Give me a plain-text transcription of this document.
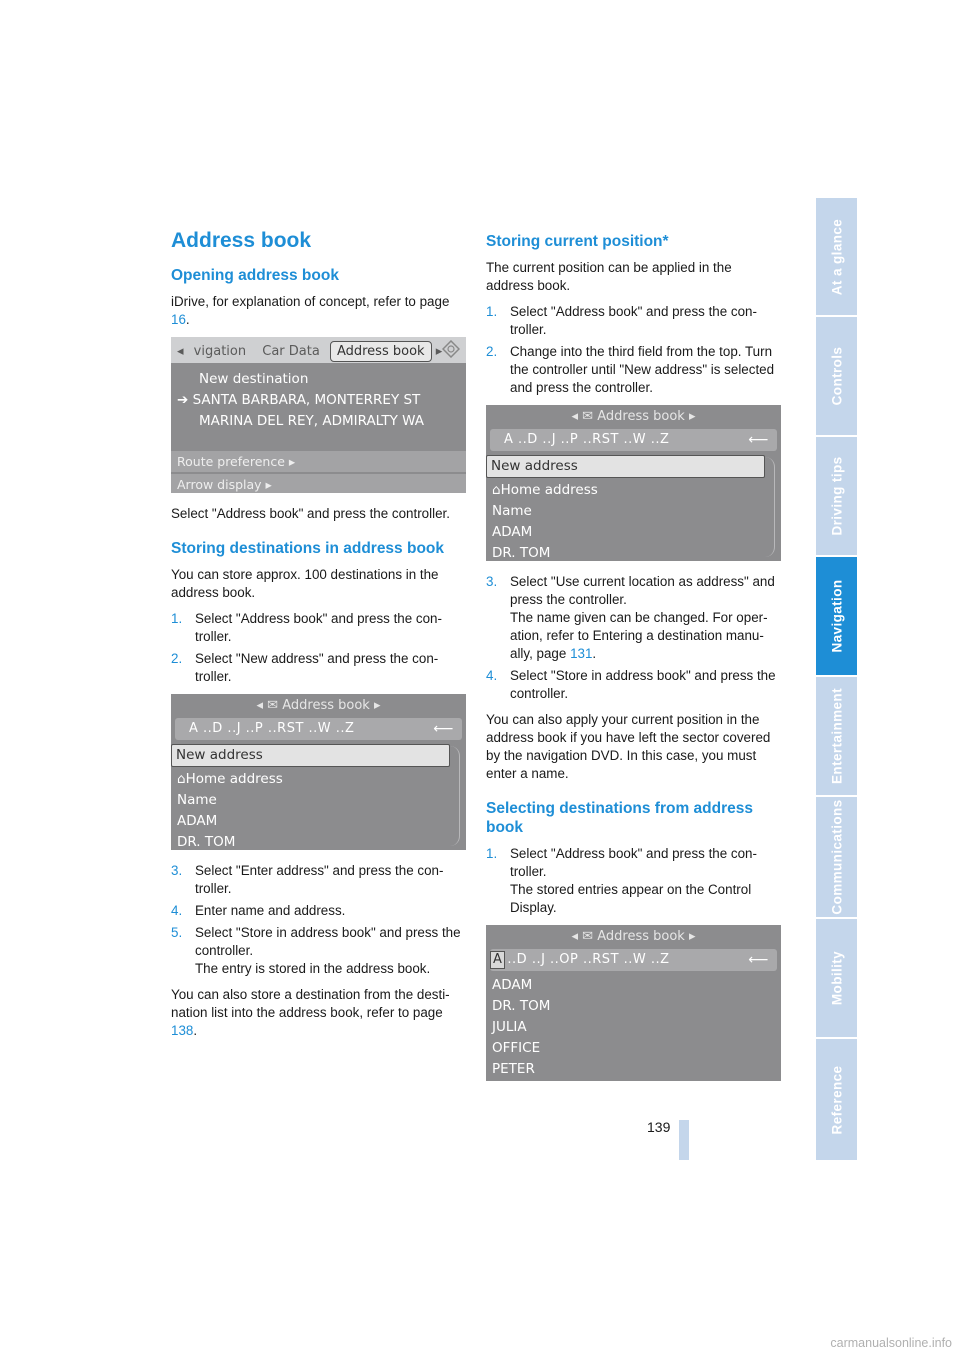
Address book
Opening address book

iDrive, for explanation of concept, refer to page 16.

◂ vigation Car Data Address book ▸
New destination
➔ SANTA BARBARA, MONTERREY ST
MARINA DEL REY, ADMIRALTY WA
Route preference ▸
Arrow display ▸

Select "Address book" and press the controller.

Storing destinations in address book

You can store approx. 100 destinations in the address book.

1. Select "Address book" and press the con-troller.
2. Select "New address" and press the con-troller.
◂ ✉ Address book ▸
A ..D ..J ..P ..RST ..W ..Z	⟵
New address
⌂Home address
Name
ADAM
DR. TOM
3. Select "Enter address" and press the con-troller.
4. Enter name and address.
5. Select "Store in address book" and press the controller.
The entry is stored in the address book.

You can also store a destination from the desti-nation list into the address book, refer to page 138.

Storing current position*

The current position can be applied in the address book.

1. Select "Address book" and press the con-troller.
2. Change into the third field from the top. Turn the controller until "New address" is selected and press the controller.
◂ ✉ Address book ▸
A ..D ..J ..P ..RST ..W ..Z	⟵
New address
⌂Home address
Name
ADAM
DR. TOM
3. Select "Use current location as address" and press the controller.
The name given can be changed. For oper-ation, refer to Entering a destination manu-ally, page 131.
4. Select "Store in address book" and press the controller.

You can also apply your current position in the address book if you have left the sector covered by the navigation DVD. In this case, you must enter a name.

Selecting destinations from address book
1. Select "Address book" and press the con-troller.
The stored entries appear on the Control Display.
◂ ✉ Address book ▸
A ..D ..J ..OP ..RST ..W ..Z	⟵
ADAM
DR. TOM
JULIA
OFFICE
PETER
At a glance
Controls
Driving tips
Navigation
Entertainment
Communications
Mobility
Reference
139
carmanualsonline.info
